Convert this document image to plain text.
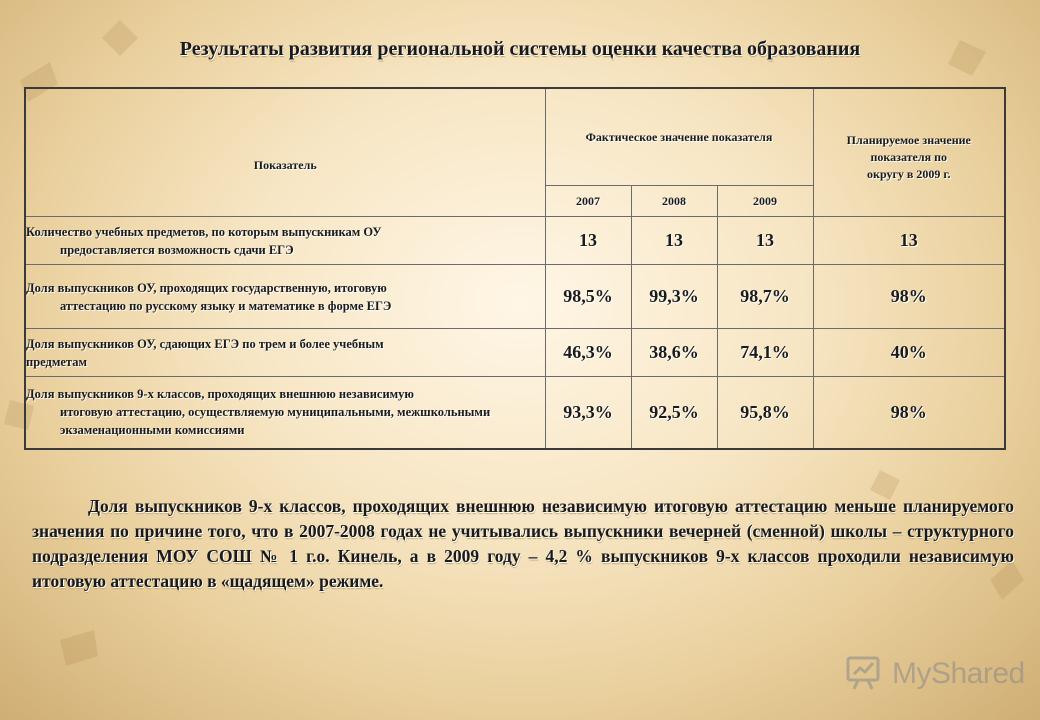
Результаты развития региональной системы оценки качества образования
Показатель	Фактическое значение показателя			Планируемое значение
показателя по
округу в 2009 г.
	2007	2008	2009	

Количество учебных предметов, по которым выпускникам ОУ
предоставляется возможность сдачи ЕГЭ	13	13	13	13

Доля выпускников ОУ, проходящих государственную, итоговую
аттестацию по русскому языку и математике в форме ЕГЭ	98,5%	99,3%	98,7%	98%

Доля выпускников ОУ, сдающих ЕГЭ по трем и более учебным
предметам	46,3%	38,6%	74,1%	40%

Доля выпускников 9-х классов, проходящих внешнюю независимую
итоговую аттестацию, осуществляемую муниципальными, межшкольными экзаменационными комиссиями	93,3%	92,5%	95,8%	98%
Доля выпускников 9-х классов, проходящих внешнюю независимую итоговую аттестацию меньше планируемого значения по причине того, что в 2007-2008 годах не учитывались выпускники вечерней (сменной) школы – структурного подразделения МОУ СОШ № 1 г.о. Кинель, а в 2009 году – 4,2 % выпускников 9-х классов проходили независимую итоговую аттестацию в «щадящем» режиме.
MyShared
